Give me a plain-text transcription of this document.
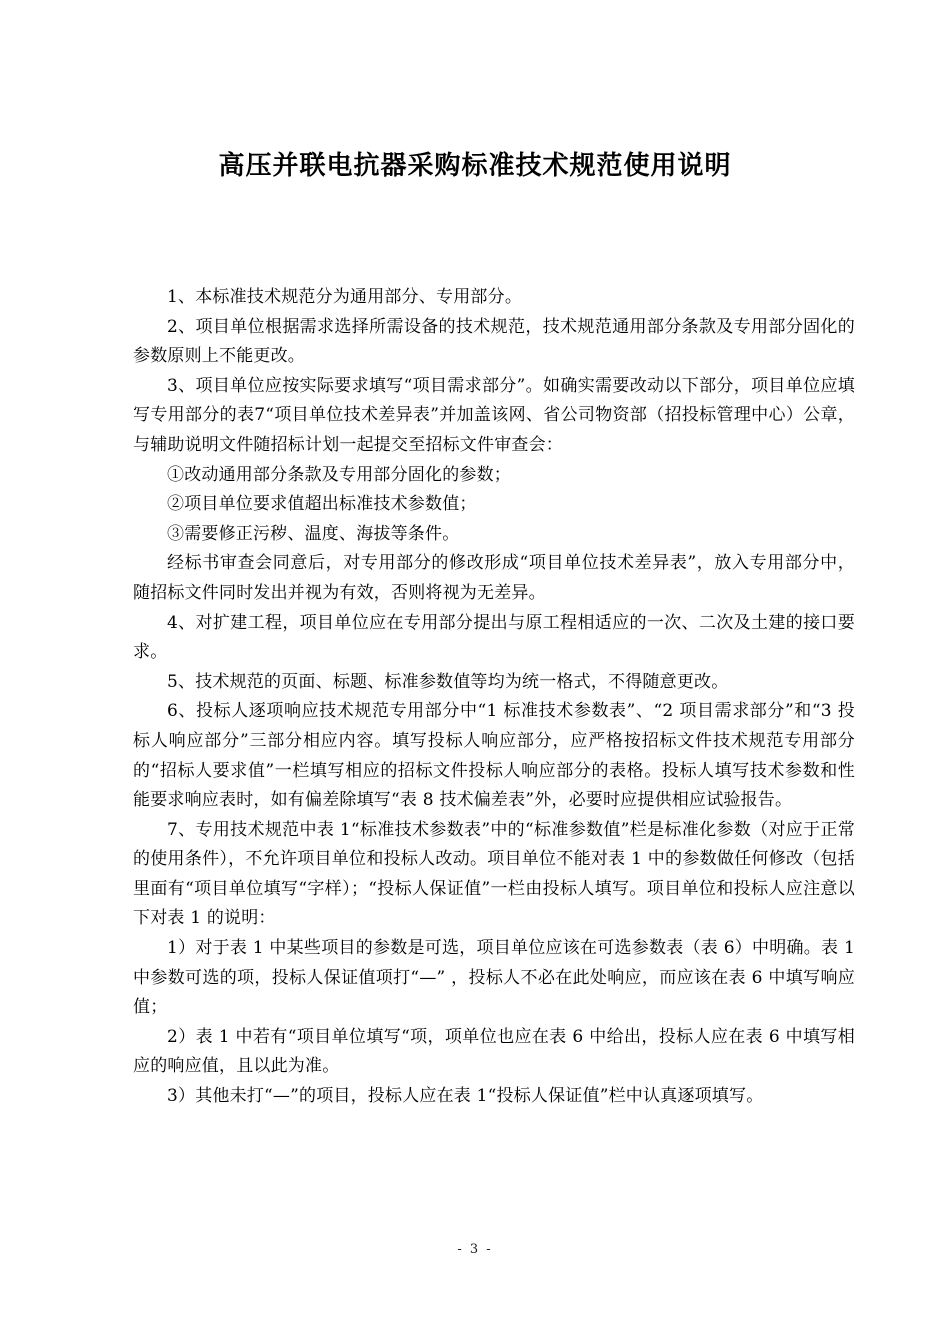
高压并联电抗器采购标准技术规范使用说明

1、本标准技术规范分为通用部分、专用部分。

2、项目单位根据需求选择所需设备的技术规范，技术规范通用部分条款及专用部分固化的参数原则上不能更改。

3、项目单位应按实际要求填写“项目需求部分”。如确实需要改动以下部分，项目单位应填写专用部分的表7“项目单位技术差异表”并加盖该网、省公司物资部（招投标管理中心）公章，与辅助说明文件随招标计划一起提交至招标文件审查会：

①改动通用部分条款及专用部分固化的参数；

②项目单位要求值超出标准技术参数值；

③需要修正污秽、温度、海拔等条件。

经标书审查会同意后，对专用部分的修改形成“项目单位技术差异表”，放入专用部分中，随招标文件同时发出并视为有效，否则将视为无差异。

4、对扩建工程，项目单位应在专用部分提出与原工程相适应的一次、二次及土建的接口要求。

5、技术规范的页面、标题、标准参数值等均为统一格式，不得随意更改。

6、投标人逐项响应技术规范专用部分中“1 标准技术参数表”、“2 项目需求部分”和“3 投标人响应部分”三部分相应内容。填写投标人响应部分，应严格按招标文件技术规范专用部分的“招标人要求值”一栏填写相应的招标文件投标人响应部分的表格。投标人填写技术参数和性能要求响应表时，如有偏差除填写“表 8 技术偏差表”外，必要时应提供相应试验报告。

7、专用技术规范中表 1“标准技术参数表”中的“标准参数值”栏是标准化参数（对应于正常的使用条件），不允许项目单位和投标人改动。项目单位不能对表 1 中的参数做任何修改（包括里面有“项目单位填写“字样）；“投标人保证值”一栏由投标人填写。项目单位和投标人应注意以下对表 1 的说明：

1）对于表 1 中某些项目的参数是可选，项目单位应该在可选参数表（表 6）中明确。表 1 中参数可选的项，投标人保证值项打“—” ，投标人不必在此处响应，而应该在表 6 中填写响应值；

2）表 1 中若有“项目单位填写“项，项单位也应在表 6 中给出，投标人应在表 6 中填写相应的响应值，且以此为准。

3）其他未打“—”的项目，投标人应在表 1“投标人保证值”栏中认真逐项填写。

- 3 -
